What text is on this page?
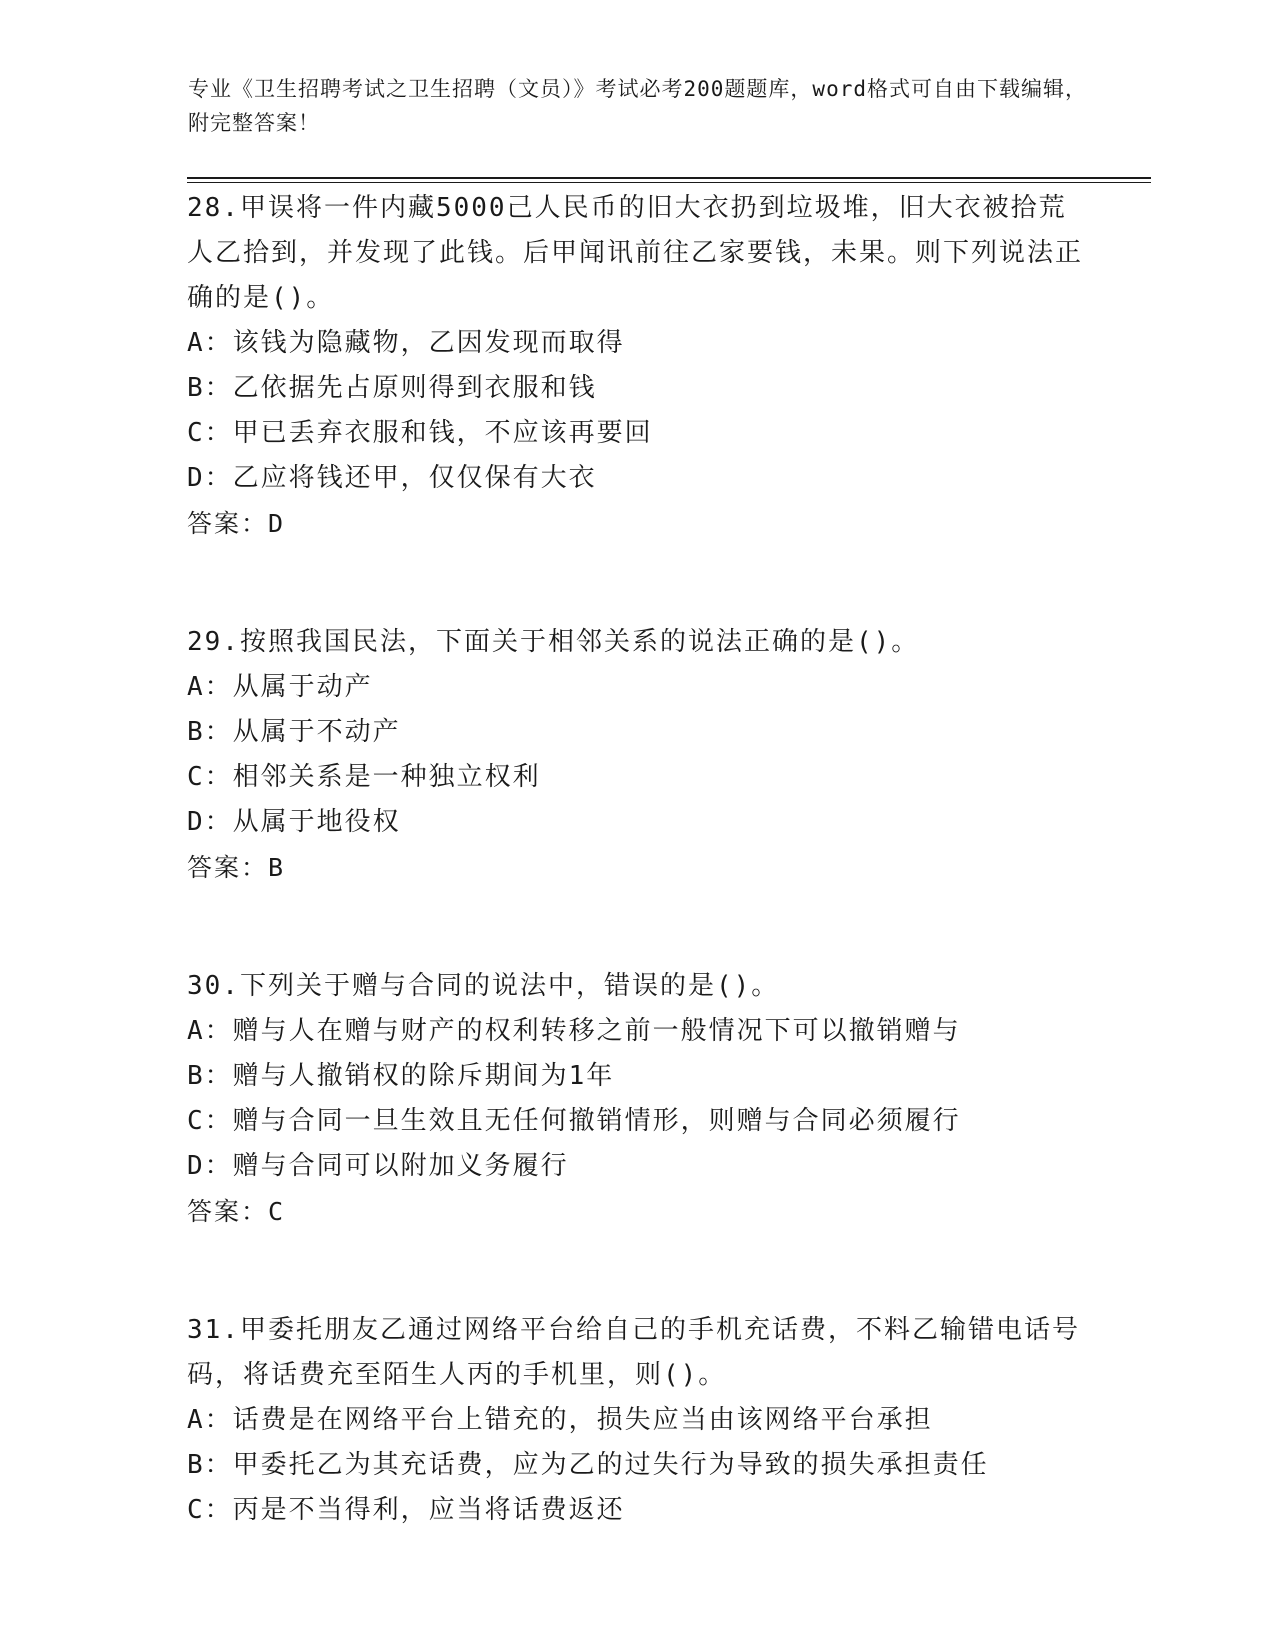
专业《卫生招聘考试之卫生招聘（文员）》考试必考200题题库，word格式可自由下载编辑，附完整答案！

28.甲误将一件内藏5000己人民币的旧大衣扔到垃圾堆，旧大衣被拾荒人乙拾到，并发现了此钱。后甲闻讯前往乙家要钱，未果。则下列说法正确的是()。

A：该钱为隐藏物，乙因发现而取得

B：乙依据先占原则得到衣服和钱

C：甲已丢弃衣服和钱，不应该再要回

D：乙应将钱还甲，仅仅保有大衣

答案：D

29.按照我国民法，下面关于相邻关系的说法正确的是()。

A：从属于动产

B：从属于不动产

C：相邻关系是一种独立权利

D：从属于地役权

答案：B

30.下列关于赠与合同的说法中，错误的是()。

A：赠与人在赠与财产的权利转移之前一般情况下可以撤销赠与

B：赠与人撤销权的除斥期间为1年

C：赠与合同一旦生效且无任何撤销情形，则赠与合同必须履行

D：赠与合同可以附加义务履行

答案：C

31.甲委托朋友乙通过网络平台给自己的手机充话费，不料乙输错电话号码，将话费充至陌生人丙的手机里，则()。

A：话费是在网络平台上错充的，损失应当由该网络平台承担

B：甲委托乙为其充话费，应为乙的过失行为导致的损失承担责任

C：丙是不当得利，应当将话费返还
